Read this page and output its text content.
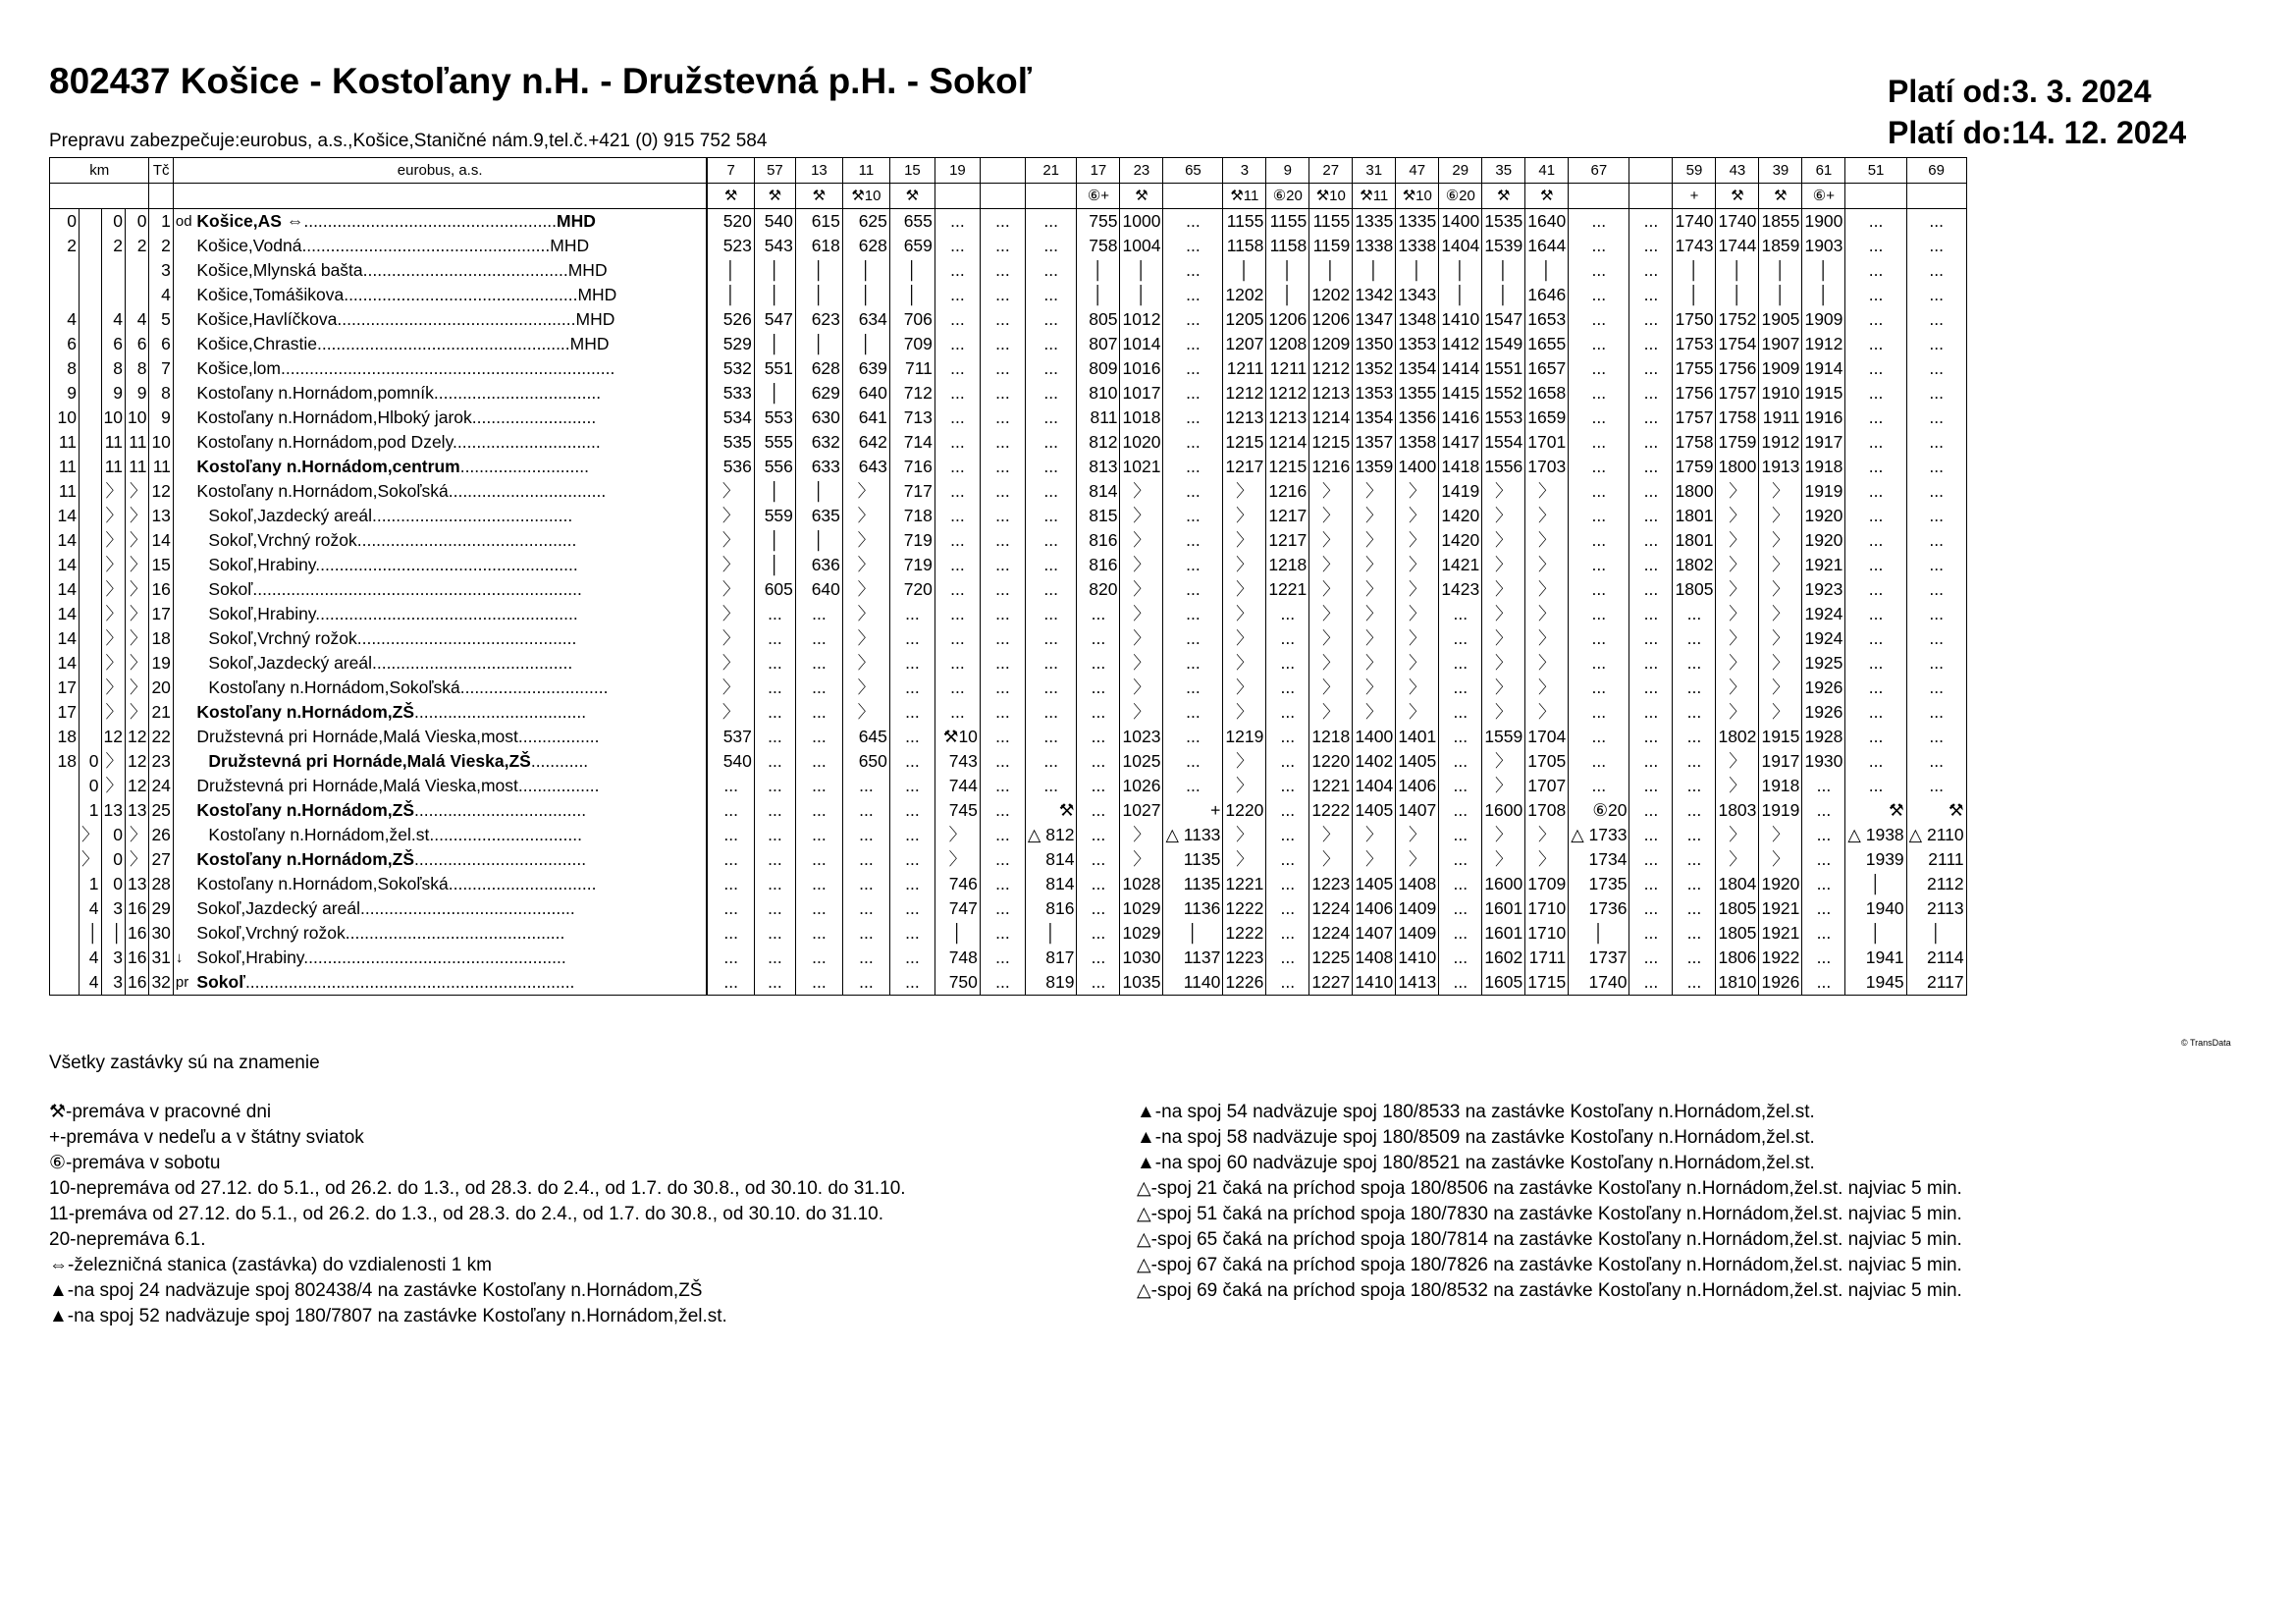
802437 Košice - Kostoľany n.H. - Družstevná p.H. - Sokoľ
Prepravu zabezpečuje:eurobus, a.s.,Košice,Staničné nám.9,tel.č.+421 (0) 915 752 584
Platí od:3. 3. 2024
Platí do:14. 12. 2024
km				Tč	eurobus, a.s.		7	57	13	11	15	19		21	17	23	65	3	9	27	31	47	29	35	41	67		59	43	39	61	51	69
							⚒	⚒	⚒	⚒10	⚒				⑥+	⚒		⚒11	⑥20	⚒10	⚒11	⚒10	⑥20	⚒	⚒			+	⚒	⚒	⑥+		
0		0	0	1	od	Košice,AS ⇔.....................................................MHD	520	540	615	625	655	...	...	...	755	1000	...	1155	1155	1155	1335	1335	1400	1535	1640	...	...	1740	1740	1855	1900	...	...
2		2	2	2		Košice,Vodná....................................................MHD	523	543	618	628	659	...	...	...	758	1004	...	1158	1158	1159	1338	1338	1404	1539	1644	...	...	1743	1744	1859	1903	...	...
				3		Košice,Mlynská bašta...........................................MHD	│	│	│	│	│	...	...	...	│	│	...	│	│	│	│	│	│	│	│	...	...	│	│	│	│	...	...
				4		Košice,Tomášikova.................................................MHD	│	│	│	│	│	...	...	...	│	│	...	1202	│	1202	1342	1343	│	│	1646	...	...	│	│	│	│	...	...
4		4	4	5		Košice,Havlíčkova..................................................MHD	526	547	623	634	706	...	...	...	805	1012	...	1205	1206	1206	1347	1348	1410	1547	1653	...	...	1750	1752	1905	1909	...	...
6		6	6	6		Košice,Chrastie.....................................................MHD	529	│	│	│	709	...	...	...	807	1014	...	1207	1208	1209	1350	1353	1412	1549	1655	...	...	1753	1754	1907	1912	...	...
8		8	8	7		Košice,lom......................................................................	532	551	628	639	711	...	...	...	809	1016	...	1211	1211	1212	1352	1354	1414	1551	1657	...	...	1755	1756	1909	1914	...	...
9		9	9	8		Kostoľany n.Hornádom,pomník...................................	533	│	629	640	712	...	...	...	810	1017	...	1212	1212	1213	1353	1355	1415	1552	1658	...	...	1756	1757	1910	1915	...	...
10		10	10	9		Kostoľany n.Hornádom,Hlboký jarok..........................	534	553	630	641	713	...	...	...	811	1018	...	1213	1213	1214	1354	1356	1416	1553	1659	...	...	1757	1758	1911	1916	...	...
11		11	11	10		Kostoľany n.Hornádom,pod Dzely...............................	535	555	632	642	714	...	...	...	812	1020	...	1215	1214	1215	1357	1358	1417	1554	1701	...	...	1758	1759	1912	1917	...	...
11		11	11	11		Kostoľany n.Hornádom,centrum...........................	536	556	633	643	716	...	...	...	813	1021	...	1217	1215	1216	1359	1400	1418	1556	1703	...	...	1759	1800	1913	1918	...	...
11		〉	〉	12		Kostoľany n.Hornádom,Sokoľská.................................	〉	│	│	〉	717	...	...	...	814	〉	...	〉	1216	〉	〉	〉	1419	〉	〉	...	...	1800	〉	〉	1919	...	...
14		〉	〉	13		Sokoľ,Jazdecký areál..........................................	〉	559	635	〉	718	...	...	...	815	〉	...	〉	1217	〉	〉	〉	1420	〉	〉	...	...	1801	〉	〉	1920	...	...
14		〉	〉	14		Sokoľ,Vrchný rožok..............................................	〉	│	│	〉	719	...	...	...	816	〉	...	〉	1217	〉	〉	〉	1420	〉	〉	...	...	1801	〉	〉	1920	...	...
14		〉	〉	15		Sokoľ,Hrabiny.......................................................	〉	│	636	〉	719	...	...	...	816	〉	...	〉	1218	〉	〉	〉	1421	〉	〉	...	...	1802	〉	〉	1921	...	...
14		〉	〉	16		Sokoľ.....................................................................	〉	605	640	〉	720	...	...	...	820	〉	...	〉	1221	〉	〉	〉	1423	〉	〉	...	...	1805	〉	〉	1923	...	...
14		〉	〉	17		Sokoľ,Hrabiny.......................................................	〉	...	...	〉	...	...	...	...	...	〉	...	〉	...	〉	〉	〉	...	〉	〉	...	...	...	〉	〉	1924	...	...
14		〉	〉	18		Sokoľ,Vrchný rožok..............................................	〉	...	...	〉	...	...	...	...	...	〉	...	〉	...	〉	〉	〉	...	〉	〉	...	...	...	〉	〉	1924	...	...
14		〉	〉	19		Sokoľ,Jazdecký areál..........................................	〉	...	...	〉	...	...	...	...	...	〉	...	〉	...	〉	〉	〉	...	〉	〉	...	...	...	〉	〉	1925	...	...
17		〉	〉	20		Kostoľany n.Hornádom,Sokoľská...............................	〉	...	...	〉	...	...	...	...	...	〉	...	〉	...	〉	〉	〉	...	〉	〉	...	...	...	〉	〉	1926	...	...
17		〉	〉	21		Kostoľany n.Hornádom,ZŠ....................................	〉	...	...	〉	...	...	...	...	...	〉	...	〉	...	〉	〉	〉	...	〉	〉	...	...	...	〉	〉	1926	...	...
18		12	12	22		Družstevná pri Hornáde,Malá Vieska,most.................	537	...	...	645	...	⚒10	...	...	...	1023	...	1219	...	1218	1400	1401	...	1559	1704	...	...	...	1802	1915	1928	...	...
18	0	〉	12	23		Družstevná pri Hornáde,Malá Vieska,ZŠ............	540	...	...	650	...	743	...	...	...	1025	...	〉	...	1220	1402	1405	...	〉	1705	...	...	...	〉	1917	1930	...	...
	0	〉	12	24		Družstevná pri Hornáde,Malá Vieska,most.................	...	...	...	...	...	744	...	...	...	1026	...	〉	...	1221	1404	1406	...	〉	1707	...	...	...	〉	1918	...	...	...
	1	13	13	25		Kostoľany n.Hornádom,ZŠ....................................	...	...	...	...	...	745	...	⚒	...	1027	+	1220	...	1222	1405	1407	...	1600	1708	⑥20	...	...	1803	1919	...	⚒	⚒
	〉	0	〉	26		Kostoľany n.Hornádom,žel.st................................	...	...	...	...	...	〉	...	△ 812	...	〉	△ 1133	〉	...	〉	〉	〉	...	〉	〉	△ 1733	...	...	〉	〉	...	△ 1938	△ 2110
	〉	0	〉	27		Kostoľany n.Hornádom,ZŠ....................................	...	...	...	...	...	〉	...	814	...	〉	1135	〉	...	〉	〉	〉	...	〉	〉	1734	...	...	〉	〉	...	1939	2111
	1	0	13	28		Kostoľany n.Hornádom,Sokoľská...............................	...	...	...	...	...	746	...	814	...	1028	1135	1221	...	1223	1405	1408	...	1600	1709	1735	...	...	1804	1920	...	│	2112
	4	3	16	29		Sokoľ,Jazdecký areál.............................................	...	...	...	...	...	747	...	816	...	1029	1136	1222	...	1224	1406	1409	...	1601	1710	1736	...	...	1805	1921	...	1940	2113
	│	│	16	30		Sokoľ,Vrchný rožok..............................................	...	...	...	...	...	│	...	│	...	1029	│	1222	...	1224	1407	1409	...	1601	1710	│	...	...	1805	1921	...	│	│
	4	3	16	31	↓	Sokoľ,Hrabiny.......................................................	...	...	...	...	...	748	...	817	...	1030	1137	1223	...	1225	1408	1410	...	1602	1711	1737	...	...	1806	1922	...	1941	2114
	4	3	16	32	pr	Sokoľ.....................................................................	...	...	...	...	...	750	...	819	...	1035	1140	1226	...	1227	1410	1413	...	1605	1715	1740	...	...	1810	1926	...	1945	2117
© TransData
Všetky zastávky sú na znamenie
⚒-premáva v pracovné dni
+-premáva v nedeľu a v štátny sviatok
⑥-premáva v sobotu
10-nepremáva od 27.12. do 5.1., od 26.2. do 1.3., od 28.3. do 2.4., od 1.7. do 30.8., od 30.10. do 31.10.
11-premáva od 27.12. do 5.1., od 26.2. do 1.3., od 28.3. do 2.4., od 1.7. do 30.8., od 30.10. do 31.10.
20-nepremáva 6.1.
⇔-železničná stanica (zastávka) do vzdialenosti 1 km
▲-na spoj 24 nadväzuje spoj 802438/4 na zastávke Kostoľany n.Hornádom,ZŠ
▲-na spoj 52 nadväzuje spoj 180/7807 na zastávke Kostoľany n.Hornádom,žel.st.
▲-na spoj 54 nadväzuje spoj 180/8533 na zastávke Kostoľany n.Hornádom,žel.st.
▲-na spoj 58 nadväzuje spoj 180/8509 na zastávke Kostoľany n.Hornádom,žel.st.
▲-na spoj 60 nadväzuje spoj 180/8521 na zastávke Kostoľany n.Hornádom,žel.st.
△-spoj 21 čaká na príchod spoja 180/8506 na zastávke Kostoľany n.Hornádom,žel.st. najviac 5 min.
△-spoj 51 čaká na príchod spoja 180/7830 na zastávke Kostoľany n.Hornádom,žel.st. najviac 5 min.
△-spoj 65 čaká na príchod spoja 180/7814 na zastávke Kostoľany n.Hornádom,žel.st. najviac 5 min.
△-spoj 67 čaká na príchod spoja 180/7826 na zastávke Kostoľany n.Hornádom,žel.st. najviac 5 min.
△-spoj 69 čaká na príchod spoja 180/8532 na zastávke Kostoľany n.Hornádom,žel.st. najviac 5 min.
